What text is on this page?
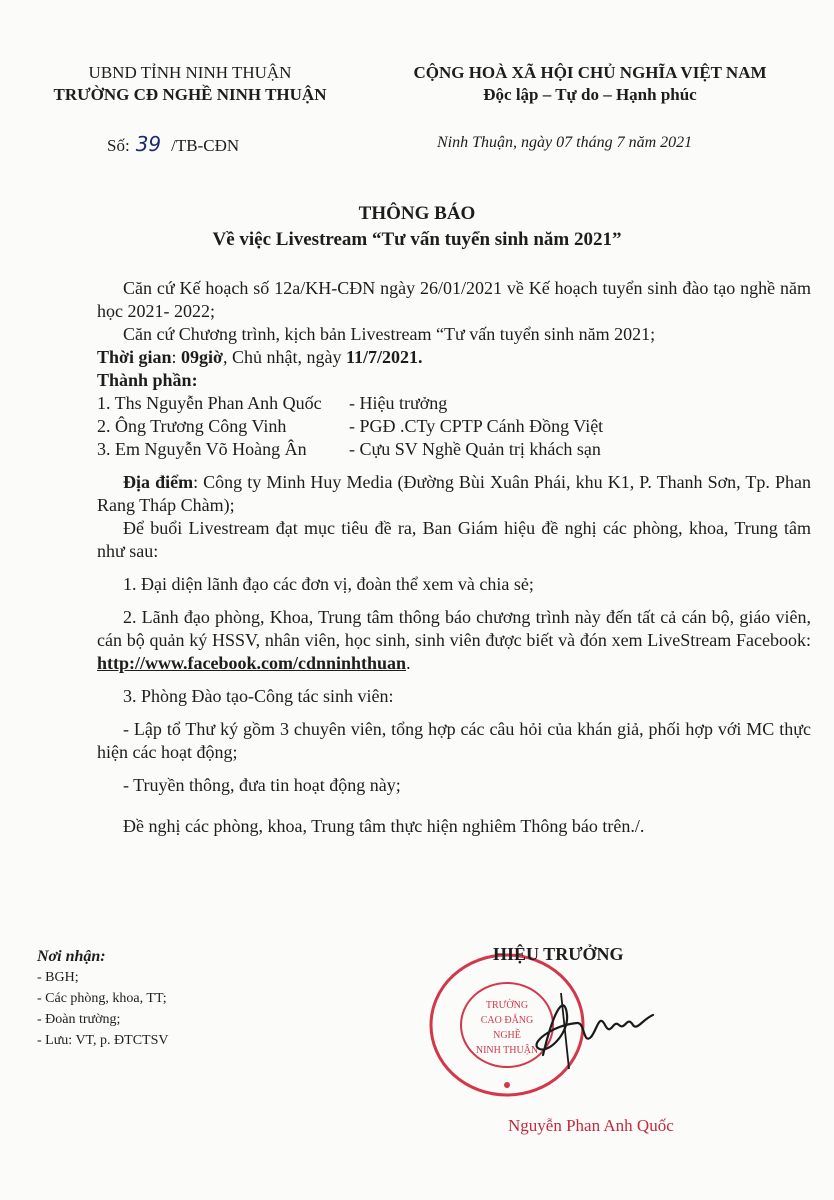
UBND TỈNH NINH THUẬN
TRƯỜNG CĐ NGHỀ NINH THUẬN
CỘNG HOÀ XÃ HỘI CHỦ NGHĨA VIỆT NAM
Độc lập – Tự do – Hạnh phúc
Số: 39 /TB-CĐN	Ninh Thuận, ngày 07 tháng 7 năm 2021
THÔNG BÁO
Về việc Livestream “Tư vấn tuyển sinh năm 2021”

Căn cứ Kế hoạch số 12a/KH-CĐN ngày 26/01/2021 về Kế hoạch tuyển sinh đào tạo nghề năm học 2021- 2022;

Căn cứ Chương trình, kịch bản Livestream “Tư vấn tuyển sinh năm 2021;

Thời gian: 09giờ, Chủ nhật, ngày 11/7/2021.

Thành phần:

1. Ths Nguyễn Phan Anh Quốc	- Hiệu trưởng
2. Ông Trương Công Vinh	- PGĐ .CTy CPTP Cánh Đồng Việt
3. Em Nguyễn Võ Hoàng Ân	- Cựu SV Nghề Quản trị khách sạn

Địa điểm: Công ty Minh Huy Media (Đường Bùi Xuân Phái, khu K1, P. Thanh Sơn, Tp. Phan Rang Tháp Chàm);

Để buổi Livestream đạt mục tiêu đề ra, Ban Giám hiệu đề nghị các phòng, khoa, Trung tâm như sau:

1. Đại diện lãnh đạo các đơn vị, đoàn thể xem và chia sẻ;

2. Lãnh đạo phòng, Khoa, Trung tâm thông báo chương trình này đến tất cả cán bộ, giáo viên, cán bộ quản ký HSSV, nhân viên, học sinh, sinh viên được biết và đón xem LiveStream Facebook: http://www.facebook.com/cdnninhthuan.

3. Phòng Đào tạo-Công tác sinh viên:

- Lập tổ Thư ký gồm 3 chuyên viên, tổng hợp các câu hỏi của khán giả, phối hợp với MC thực hiện các hoạt động;

- Truyền thông, đưa tin hoạt động này;

Đề nghị các phòng, khoa, Trung tâm thực hiện nghiêm Thông báo trên./.

Nơi nhận:
- BGH;
- Các phòng, khoa, TT;
- Đoàn trường;
- Lưu: VT, p. ĐTCTSV
TRƯỜNG
CAO ĐẲNG
NGHỀ
NINH THUẬN
HIỆU TRƯỞNG
Nguyễn Phan Anh Quốc
